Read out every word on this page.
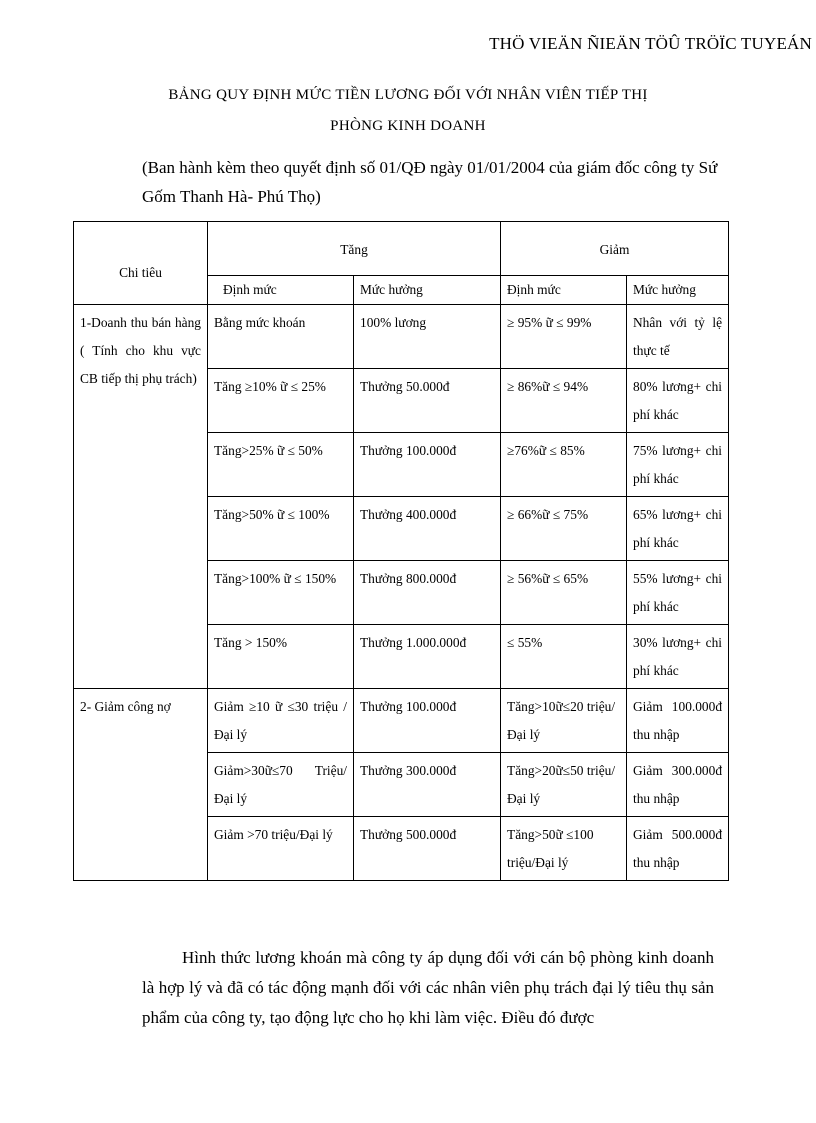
THÖ VIEÄN ÑIEÄN TÖÛ TRÖÏC TUYEÁN
BẢNG QUY ĐỊNH MỨC TIỀN LƯƠNG ĐỐI VỚI NHÂN VIÊN TIẾP THỊ
PHÒNG KINH DOANH
(Ban hành kèm theo quyết định số 01/QĐ ngày 01/01/2004 của giám đốc công ty Sứ Gốm Thanh Hà- Phú Thọ)
Chi tiêu	Tăng		Giảm	
	Định mức	Mức hưởng	Định mức	Mức hưởng
1-Doanh thu bán hàng ( Tính cho khu vực CB tiếp thị phụ trách)	Bằng mức khoán	100% lương	≥ 95% ữ ≤ 99%	Nhân với tỷ lệ thực tế
	Tăng ≥10% ữ ≤ 25%	Thưởng 50.000đ	≥ 86%ữ ≤ 94%	80% lương+ chi phí khác
	Tăng>25% ữ ≤ 50%	Thưởng 100.000đ	≥76%ữ ≤ 85%	75% lương+ chi phí khác
	Tăng>50% ữ ≤ 100%	Thưởng 400.000đ	≥ 66%ữ ≤ 75%	65% lương+ chi phí khác
	Tăng>100% ữ ≤ 150%	Thưởng 800.000đ	≥ 56%ữ ≤ 65%	55% lương+ chi phí khác
	Tăng > 150%	Thưởng 1.000.000đ	≤ 55%	30% lương+ chi phí khác
2- Giảm công nợ	Giảm ≥10 ữ ≤30 triệu /Đại lý	Thưởng 100.000đ	Tăng>10ữ≤20 triệu/Đại lý	Giảm 100.000đ thu nhập
	Giảm>30ữ≤70 Triệu/Đại lý	Thưởng 300.000đ	Tăng>20ữ≤50 triệu/Đại lý	Giảm 300.000đ thu nhập
	Giảm >70 triệu/Đại lý	Thưởng 500.000đ	Tăng>50ữ ≤100 triệu/Đại lý	Giảm 500.000đ thu nhập
Hình thức lương khoán mà công ty áp dụng đối với cán bộ phòng kinh doanh là hợp lý và đã có tác động mạnh đối với các nhân viên phụ trách đại lý tiêu thụ sản phẩm của công ty, tạo động lực cho họ khi làm việc. Điều đó được
